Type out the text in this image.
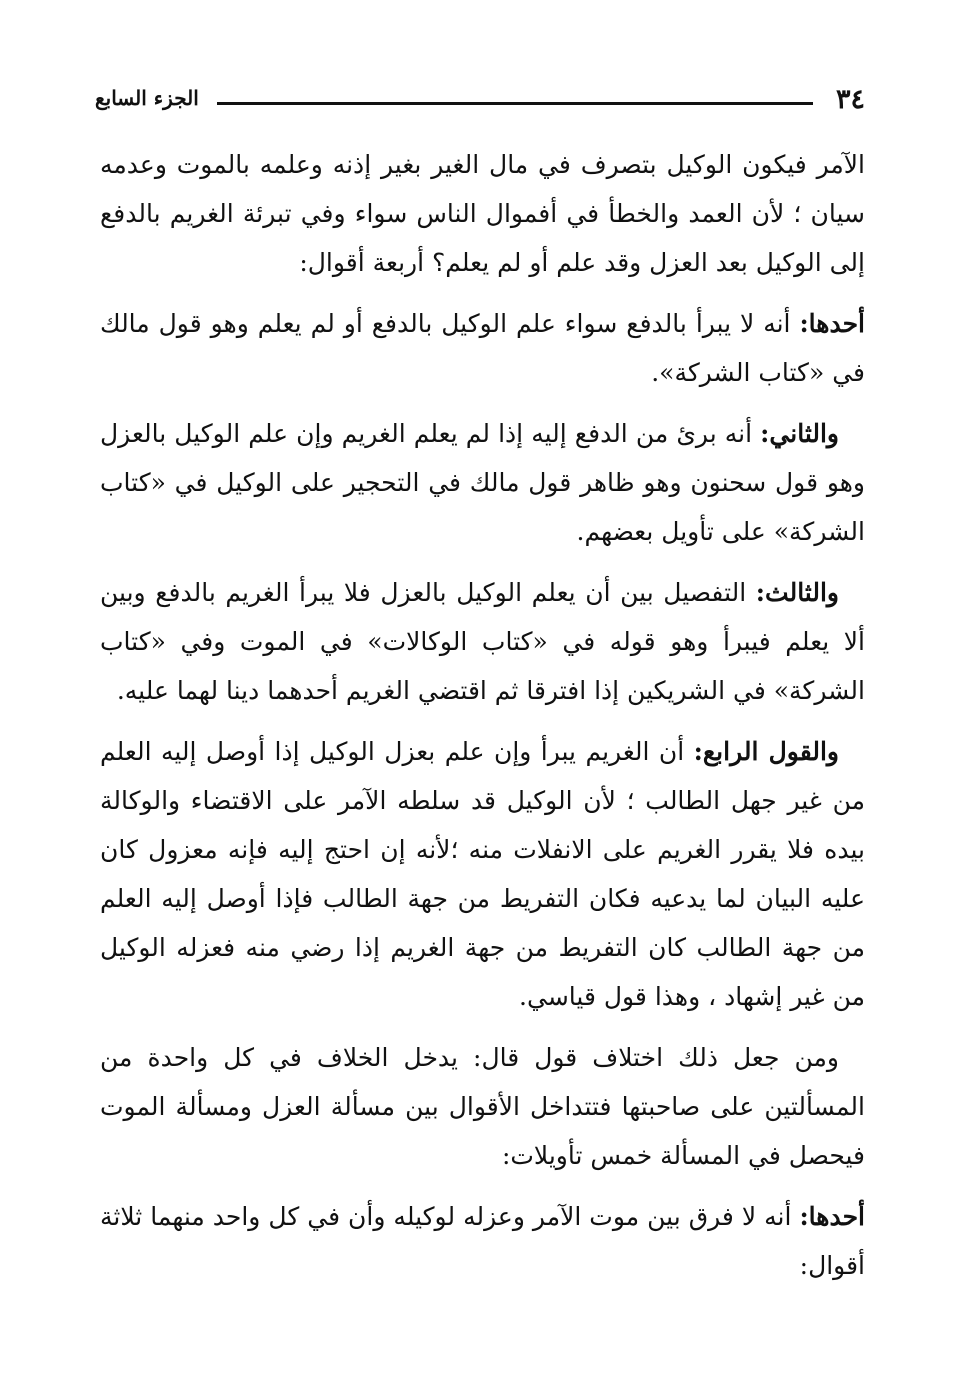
٣٤
الجزء السابع

الآمر فيكون الوكيل بتصرف في مال الغير بغير إذنه وعلمه بالموت وعدمه سيان ؛ لأن العمد والخطأ في أفموال الناس سواء وفي تبرئة الغريم بالدفع إلى الوكيل بعد العزل وقد علم أو لم يعلم؟ أربعة أقوال:

أحدها: أنه لا يبرأ بالدفع سواء علم الوكيل بالدفع أو لم يعلم وهو قول مالك في «كتاب الشركة».

والثاني: أنه برئ من الدفع إليه إذا لم يعلم الغريم وإن علم الوكيل بالعزل وهو قول سحنون وهو ظاهر قول مالك في التحجير على الوكيل في «كتاب الشركة» على تأويل بعضهم.

والثالث: التفصيل بين أن يعلم الوكيل بالعزل فلا يبرأ الغريم بالدفع وبين ألا يعلم فيبرأ وهو قوله في «كتاب الوكالات» في الموت وفي «كتاب الشركة» في الشريكين إذا افترقا ثم اقتضي الغريم أحدهما دينا لهما عليه.

والقول الرابع: أن الغريم يبرأ وإن علم بعزل الوكيل إذا أوصل إليه العلم من غير جهل الطالب ؛ لأن الوكيل قد سلطه الآمر على الاقتضاء والوكالة بيده فلا يقرر الغريم على الانفلات منه ؛لأنه إن احتج إليه فإنه معزول كان عليه البيان لما يدعيه فكان التفريط من جهة الطالب فإذا أوصل إليه العلم من جهة الطالب كان التفريط من جهة الغريم إذا رضي منه فعزله الوكيل من غير إشهاد ، وهذا قول قياسي.

ومن جعل ذلك اختلاف قول قال: يدخل الخلاف في كل واحدة من المسألتين على صاحبتها فتتداخل الأقوال بين مسألة العزل ومسألة الموت فيحصل في المسألة خمس تأويلات:

أحدها: أنه لا فرق بين موت الآمر وعزله لوكيله وأن في كل واحد منهما ثلاثة أقوال:
